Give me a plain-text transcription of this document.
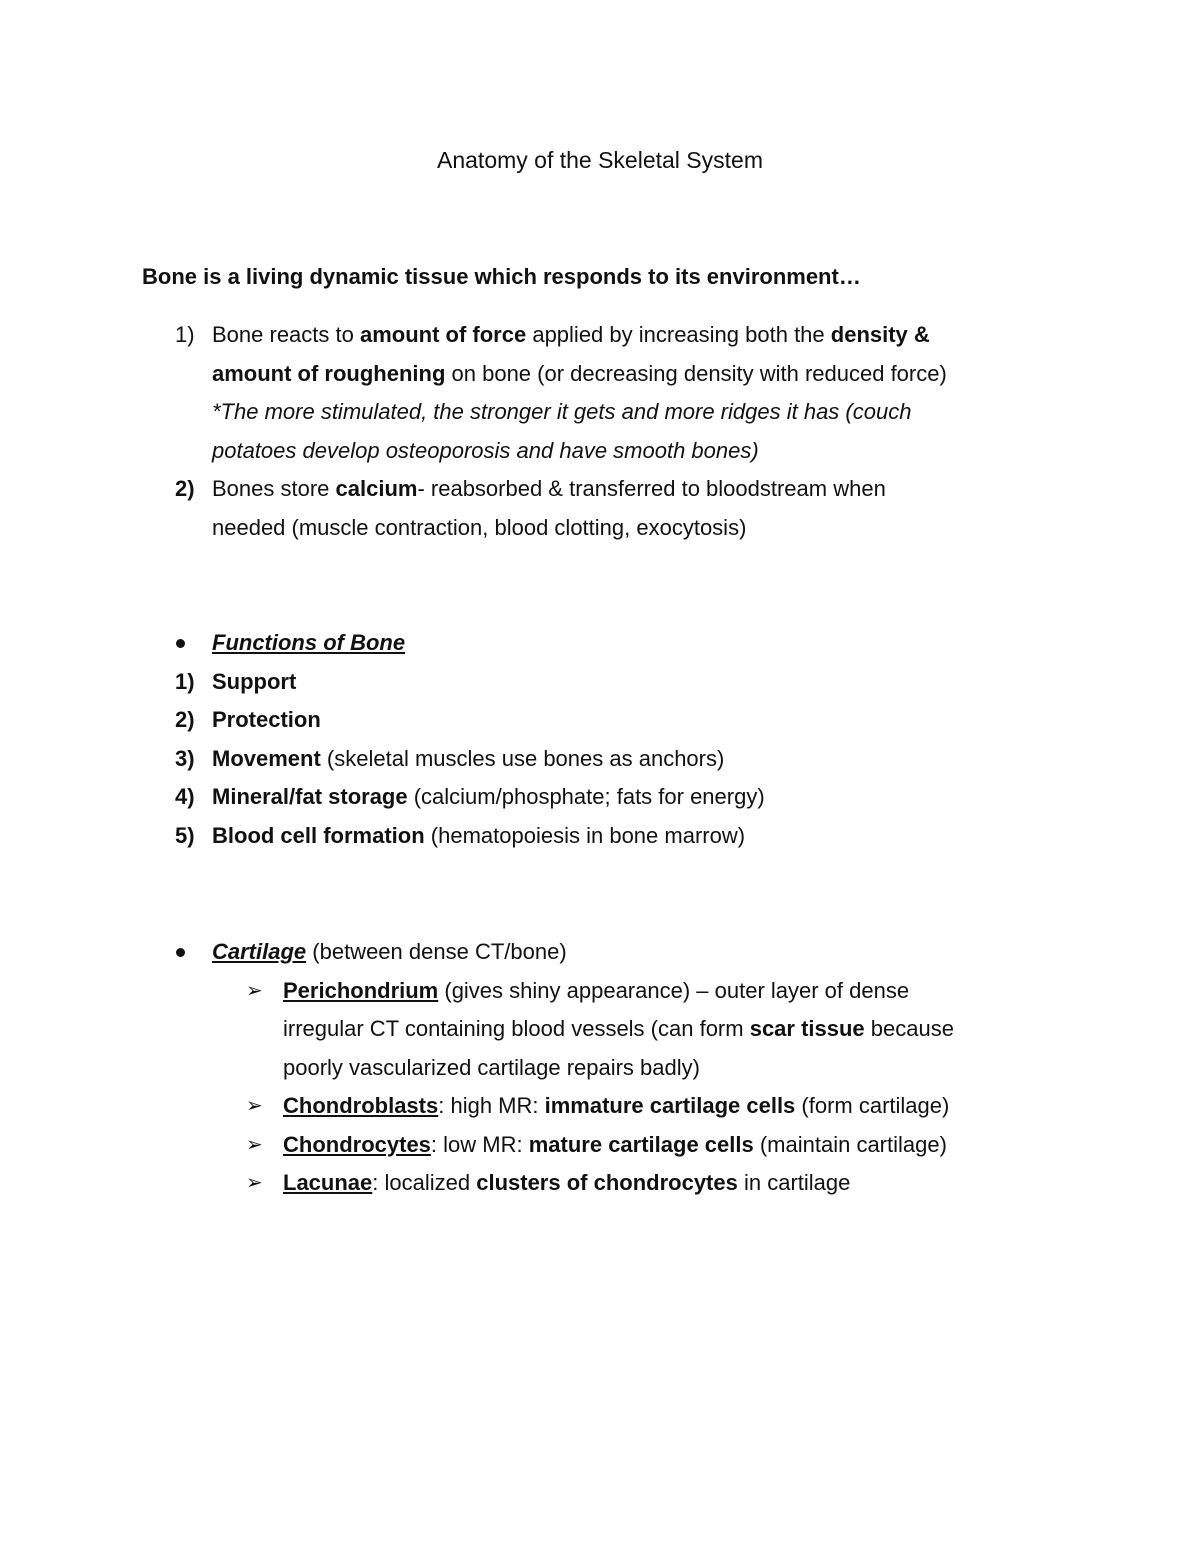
Anatomy of the Skeletal System
Bone is a living dynamic tissue which responds to its environment…
1) Bone reacts to amount of force applied by increasing both the density &
amount of roughening on bone (or decreasing density with reduced force)
*The more stimulated, the stronger it gets and more ridges it has (couch
potatoes develop osteoporosis and have smooth bones)
2) Bones store calcium- reabsorbed & transferred to bloodstream when
needed (muscle contraction, blood clotting, exocytosis)
Functions of Bone
1) Support
2) Protection
3) Movement (skeletal muscles use bones as anchors)
4) Mineral/fat storage (calcium/phosphate; fats for energy)
5) Blood cell formation (hematopoiesis in bone marrow)
Cartilage (between dense CT/bone)
➢ Perichondrium (gives shiny appearance) – outer layer of dense
irregular CT containing blood vessels (can form scar tissue because
poorly vascularized cartilage repairs badly)
➢ Chondroblasts: high MR: immature cartilage cells (form cartilage)
➢ Chondrocytes: low MR: mature cartilage cells (maintain cartilage)
➢ Lacunae: localized clusters of chondrocytes in cartilage
